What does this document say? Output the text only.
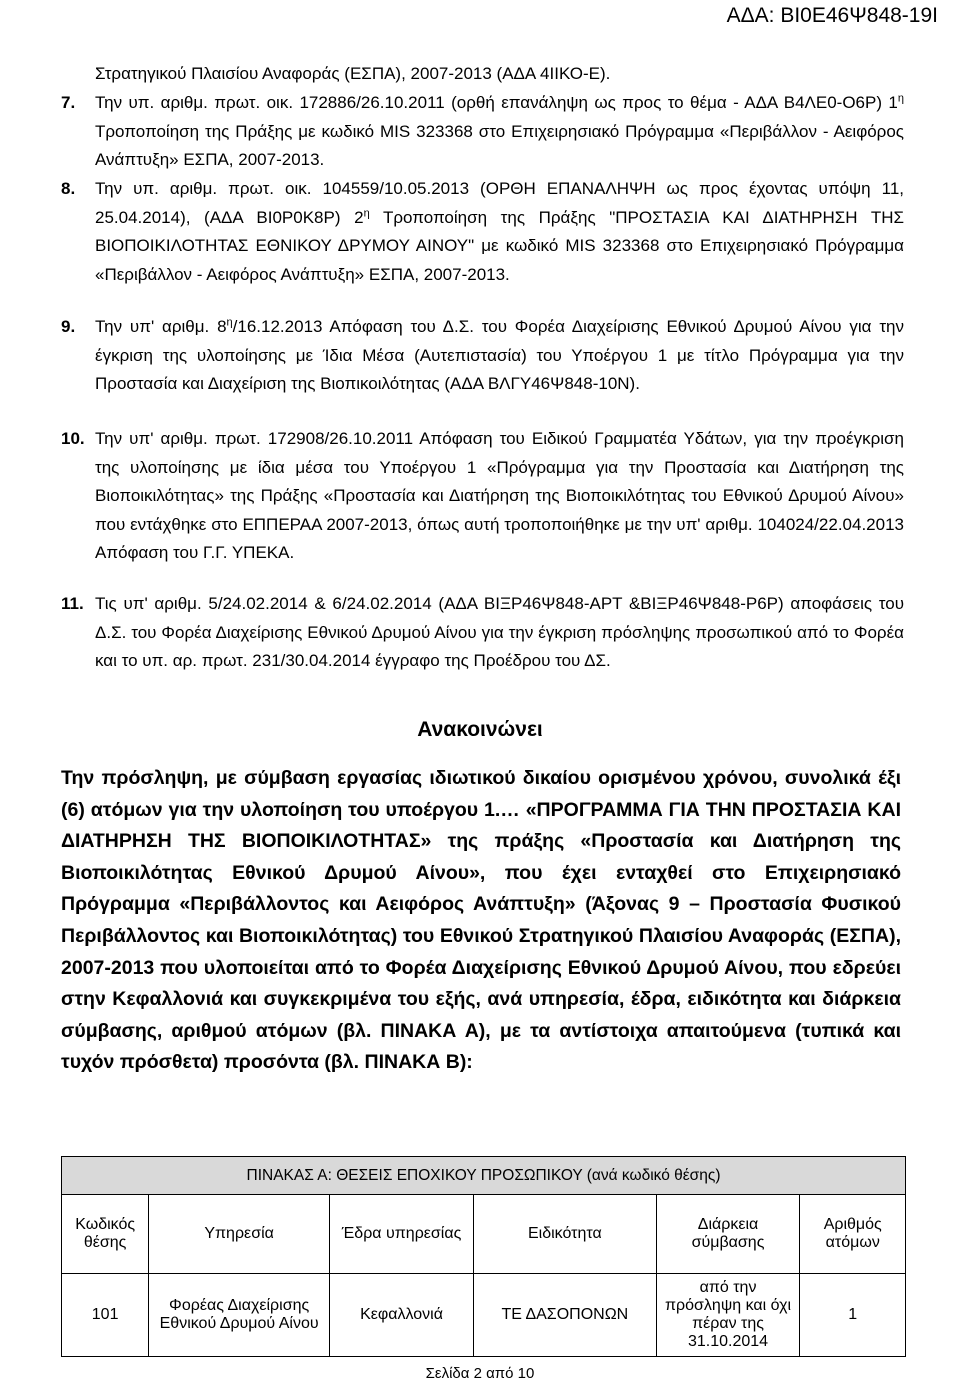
ΑΔΑ: ΒΙ0Ε46Ψ848-19Ι
Στρατηγικού Πλαισίου Αναφοράς (ΕΣΠΑ), 2007-2013 (ΑΔΑ 4ΙΙΚΟ-Ε).
7.	Την υπ. αριθμ. πρωτ. οικ. 172886/26.10.2011 (ορθή επανάληψη ως προς το θέμα - ΑΔΑ Β4ΛΕ0-Ο6Ρ) $1^\eta$ Τροποποίηση της Πράξης με κωδικό MIS 323368 στο Επιχειρησιακό Πρόγραμμα «Περιβάλλον - Αειφόρος Ανάπτυξη» ΕΣΠΑ, 2007-2013.
8.	Την υπ. αριθμ. πρωτ. οικ. 104559/10.05.2013 (ΟΡΘΗ ΕΠΑΝΑΛΗΨΗ ως προς έχοντας υπόψη 11, 25.04.2014), (ΑΔΑ ΒΙ0Ρ0Κ8Ρ) $2^\eta$ Τροποποίηση της Πράξης "ΠΡΟΣΤΑΣΙΑ ΚΑΙ ΔΙΑΤΗΡΗΣΗ ΤΗΣ ΒΙΟΠΟΙΚΙΛΟΤΗΤΑΣ ΕΘΝΙΚΟΥ ΔΡΥΜΟΥ ΑΙΝΟΥ" με κωδικό MIS 323368 στο Επιχειρησιακό Πρόγραμμα «Περιβάλλον - Αειφόρος Ανάπτυξη» ΕΣΠΑ, 2007-2013.
9.	Την υπ' αριθμ. $8^\eta/16.12.2013$ Απόφαση του Δ.Σ. του Φορέα Διαχείρισης Εθνικού Δρυμού Αίνου για την έγκριση της υλοποίησης με Ίδια Μέσα (Αυτεπιστασία) του Υποέργου 1 με τίτλο Πρόγραμμα για την Προστασία και Διαχείριση της Βιοπικοιλότητας (ΑΔΑ ΒΛΓΥ46Ψ848-10Ν).
10. Την υπ' αριθμ. πρωτ. 172908/26.10.2011 Απόφαση του Ειδικού Γραμματέα Υδάτων, για την προέγκριση της υλοποίησης με ίδια μέσα του Υποέργου 1 «Πρόγραμμα για την Προστασία και Διατήρηση της Βιοποικιλότητας» της Πράξης «Προστασία και Διατήρηση της Βιοποικιλότητας του Εθνικού Δρυμού Αίνου» που εντάχθηκε στο ΕΠΠΕΡΑΑ 2007-2013, όπως αυτή τροποποιήθηκε με την υπ' αριθμ. 104024/22.04.2013 Απόφαση του Γ.Γ. ΥΠΕΚΑ.
11. Τις υπ' αριθμ. 5/24.02.2014 & 6/24.02.2014 (ΑΔΑ ΒΙΞΡ46Ψ848-ΑΡΤ &ΒΙΞΡ46Ψ848-Ρ6Ρ) αποφάσεις του Δ.Σ. του Φορέα Διαχείρισης Εθνικού Δρυμού Αίνου για την έγκριση πρόσληψης προσωπικού από το Φορέα και το υπ. αρ. πρωτ. 231/30.04.2014 έγγραφο της Προέδρου του ΔΣ.
Ανακοινώνει
Την πρόσληψη, με σύμβαση εργασίας ιδιωτικού δικαίου ορισμένου χρόνου, συνολικά έξι (6) ατόμων για την υλοποίηση του υποέργου 1.… «ΠΡΟΓΡΑΜΜΑ ΓΙΑ ΤΗΝ ΠΡΟΣΤΑΣΙΑ ΚΑΙ ΔΙΑΤΗΡΗΣΗ ΤΗΣ ΒΙΟΠΟΙΚΙΛΟΤΗΤΑΣ» της πράξης «Προστασία και Διατήρηση της Βιοποικιλότητας Εθνικού Δρυμού Αίνου», που έχει ενταχθεί στο Επιχειρησιακό Πρόγραμμα «Περιβάλλοντος και Αειφόρος Ανάπτυξη» (Άξονας 9 – Προστασία Φυσικού Περιβάλλοντος και Βιοποικιλότητας) του Εθνικού Στρατηγικού Πλαισίου Αναφοράς (ΕΣΠΑ), 2007-2013 που υλοποιείται από το Φορέα Διαχείρισης Εθνικού Δρυμού Αίνου, που εδρεύει στην Κεφαλλονιά και συγκεκριμένα του εξής, ανά υπηρεσία, έδρα, ειδικότητα και διάρκεια σύμβασης, αριθμού ατόμων (βλ. ΠΙΝΑΚΑ Α), με τα αντίστοιχα απαιτούμενα (τυπικά και τυχόν πρόσθετα) προσόντα (βλ. ΠΙΝΑΚΑ Β):
ΠΙΝΑΚΑΣ Α: ΘΕΣΕΙΣ ΕΠΟΧΙΚΟΥ ΠΡΟΣΩΠΙΚΟΥ (ανά κωδικό θέσης)					
Κωδικός θέσης	Υπηρεσία	Έδρα υπηρεσίας	Ειδικότητα	Διάρκεια σύμβασης	Αριθμός ατόμων
101	Φορέας Διαχείρισης Εθνικού Δρυμού Αίνου	Κεφαλλονιά	ΤΕ ΔΑΣΟΠΟΝΩΝ	από την πρόσληψη και όχι πέραν της 31.10.2014	1
Σελίδα 2 από 10
